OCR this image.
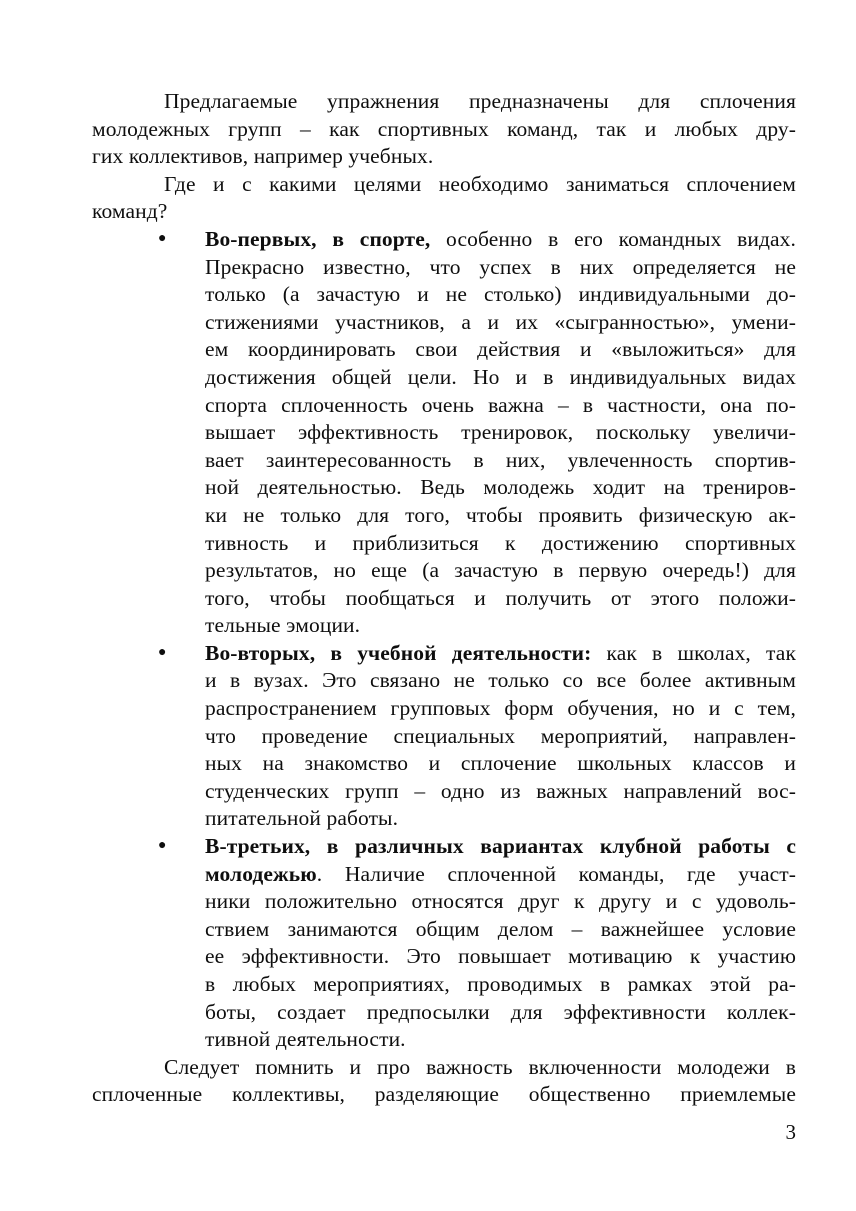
Предлагаемые упражнения предназначены для сплочения
молодежных групп – как спортивных команд, так и любых дру-
гих коллективов, например учебных.
Где и с какими целями необходимо заниматься сплочением
команд?
● Во-первых, в спорте, особенно в его командных видах.
Прекрасно известно, что успех в них определяется не
только (а зачастую и не столько) индивидуальными до-
стижениями участников, а и их «сыгранностью», умени-
ем координировать свои действия и «выложиться» для
достижения общей цели. Но и в индивидуальных видах
спорта сплоченность очень важна – в частности, она по-
вышает эффективность тренировок, поскольку увеличи-
вает заинтересованность в них, увлеченность спортив-
ной деятельностью. Ведь молодежь ходит на трениров-
ки не только для того, чтобы проявить физическую ак-
тивность и приблизиться к достижению спортивных
результатов, но еще (а зачастую в первую очередь!) для
того, чтобы пообщаться и получить от этого положи-
тельные эмоции.
● Во-вторых, в учебной деятельности: как в школах, так
и в вузах. Это связано не только со все более активным
распространением групповых форм обучения, но и с тем,
что проведение специальных мероприятий, направлен-
ных на знакомство и сплочение школьных классов и
студенческих групп – одно из важных направлений вос-
питательной работы.
● В-третьих, в различных вариантах клубной работы с
молодежью. Наличие сплоченной команды, где участ-
ники положительно относятся друг к другу и с удоволь-
ствием занимаются общим делом – важнейшее условие
ее эффективности. Это повышает мотивацию к участию
в любых мероприятиях, проводимых в рамках этой ра-
боты, создает предпосылки для эффективности коллек-
тивной деятельности.
Следует помнить и про важность включенности молодежи в
сплоченные коллективы, разделяющие общественно приемлемые
3
